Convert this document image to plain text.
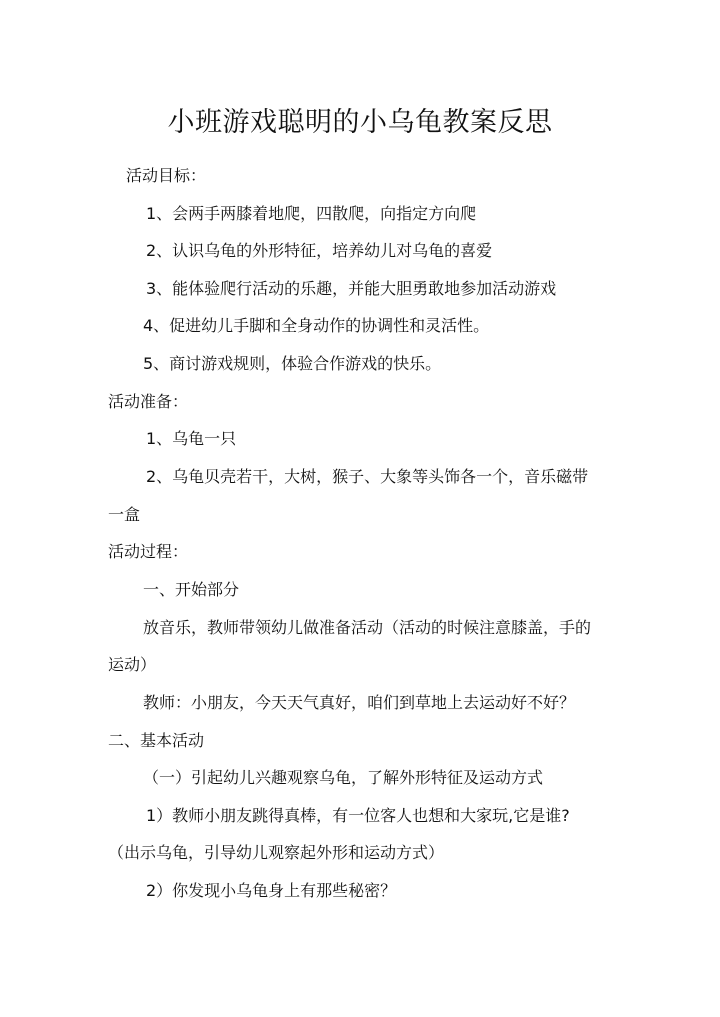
小班游戏聪明的小乌龟教案反思
活动目标：
1、会两手两膝着地爬，四散爬，向指定方向爬
2、认识乌龟的外形特征，培养幼儿对乌龟的喜爱
3、能体验爬行活动的乐趣，并能大胆勇敢地参加活动游戏
4、促进幼儿手脚和全身动作的协调性和灵活性。
5、商讨游戏规则，体验合作游戏的快乐。
活动准备：
1、乌龟一只
2、乌龟贝壳若干，大树，猴子、大象等头饰各一个，音乐磁带
一盒
活动过程：
一、开始部分
放音乐，教师带领幼儿做准备活动（活动的时候注意膝盖，手的
运动）
教师：小朋友，今天天气真好，咱们到草地上去运动好不好？
二、基本活动
（一）引起幼儿兴趣观察乌龟，了解外形特征及运动方式
1）教师小朋友跳得真棒，有一位客人也想和大家玩,它是谁?
（出示乌龟，引导幼儿观察起外形和运动方式）
2）你发现小乌龟身上有那些秘密？
